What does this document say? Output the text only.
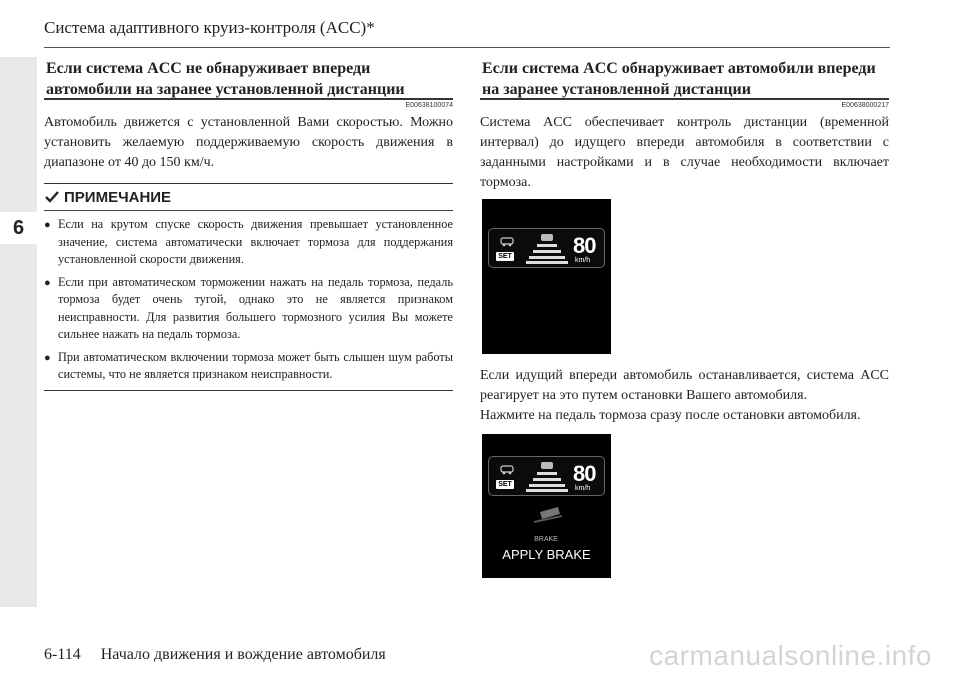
Система адаптивного круиз-контроля (ACC)*
6
Если система ACC не обнаруживает впереди
автомобили на заранее установленной дистанции
E00638100074
Автомобиль движется с установленной Вами скоростью. Можно установить желаемую поддерживаемую скорость движения в диапазоне от 40 до 150 км/ч.
ПРИМЕЧАНИЕ
● Если на крутом спуске скорость движения превышает установленное значение, система автоматически включает тормоза для поддержания установленной скорости движения.
● Если при автоматическом торможении нажать на педаль тормоза, педаль тормоза будет очень тугой, однако это не является признаком неисправности. Для развития большего тормозного усилия Вы можете сильнее нажать на педаль тормоза.
● При автоматическом включении тормоза может быть слышен шум работы системы, что не является признаком неисправности.
Если система ACC обнаруживает автомобили впереди
на заранее установленной дистанции
E00638000217
Система ACC обеспечивает контроль дистанции (временной интервал) до идущего впереди автомобиля в соответствии с заданными настройками и в случае необходимости включает тормоза.
SET	80
km/h
Если идущий впереди автомобиль останавливается, система ACC реагирует на это путем остановки Вашего автомобиля.
Нажмите на педаль тормоза сразу после остановки автомобиля.
SET	80
km/h
BRAKE
APPLY BRAKE
6-114 Начало движения и вождение автомобиля	carmanualsonline.info
